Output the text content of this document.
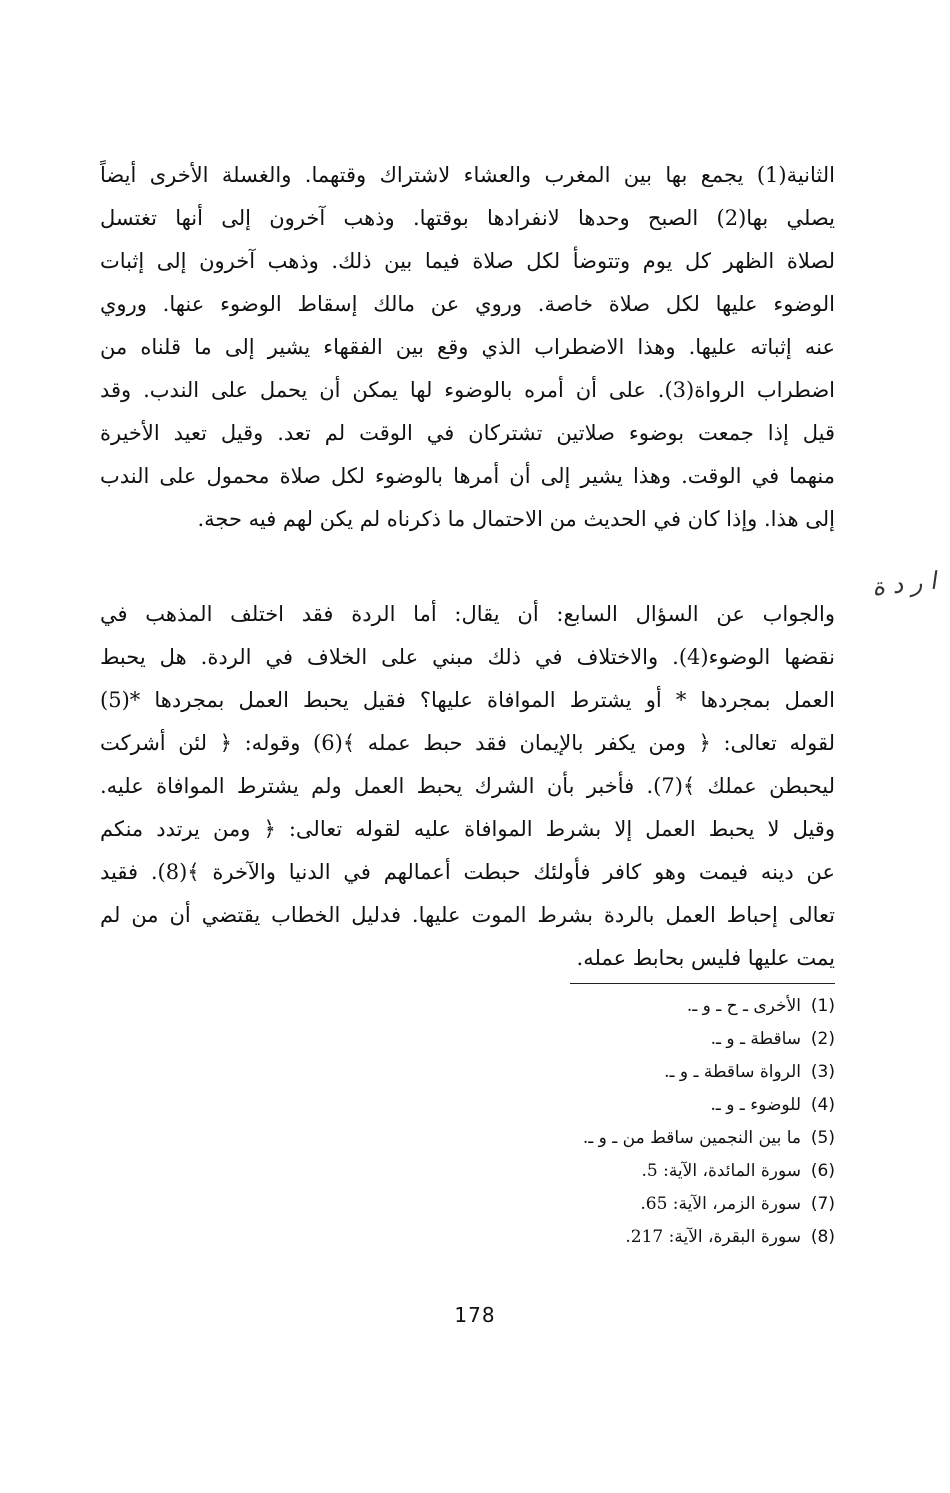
الثانية(1) يجمع بها بين المغرب والعشاء لاشتراك وقتهما. والغسلة الأخرى أيضاً
يصلي بها(2) الصبح وحدها لانفرادها بوقتها. وذهب آخرون إلى أنها تغتسل
لصلاة الظهر كل يوم وتتوضأ لكل صلاة فيما بين ذلك. وذهب آخرون إلى إثبات
الوضوء عليها لكل صلاة خاصة. وروي عن مالك إسقاط الوضوء عنها. وروي
عنه إثباته عليها. وهذا الاضطراب الذي وقع بين الفقهاء يشير إلى ما قلناه من
اضطراب الرواة(3). على أن أمره بالوضوء لها يمكن أن يحمل على الندب. وقد
قيل إذا جمعت بوضوء صلاتين تشتركان في الوقت لم تعد. وقيل تعيد الأخيرة
منهما في الوقت. وهذا يشير إلى أن أمرها بالوضوء لكل صلاة محمول على الندب
إلى هذا. وإذا كان في الحديث من الاحتمال ما ذكرناه لم يكن لهم فيه حجة.
ا ر د ة
والجواب عن السؤال السابع: أن يقال: أما الردة فقد اختلف المذهب في
نقضها الوضوء(4). والاختلاف في ذلك مبني على الخلاف في الردة. هل يحبط
العمل بمجردها * أو يشترط الموافاة عليها؟ فقيل يحبط العمل بمجردها *(5)
لقوله تعالى: ﴿ ومن يكفر بالإيمان فقد حبط عمله ﴾(6) وقوله: ﴿ لئن أشركت
ليحبطن عملك ﴾(7). فأخبر بأن الشرك يحبط العمل ولم يشترط الموافاة عليه.
وقيل لا يحبط العمل إلا بشرط الموافاة عليه لقوله تعالى: ﴿ ومن يرتدد منكم
عن دينه فيمت وهو كافر فأولئك حبطت أعمالهم في الدنيا والآخرة ﴾(8). فقيد
تعالى إحباط العمل بالردة بشرط الموت عليها. فدليل الخطاب يقتضي أن من لم
يمت عليها فليس بحابط عمله.
(1)الأخرى ـ ح ـ و ـ.
(2)ساقطة ـ و ـ.
(3)الرواة ساقطة ـ و ـ.
(4)للوضوء ـ و ـ.
(5)ما بين النجمين ساقط من ـ و ـ.
(6)سورة المائدة، الآية: 5.
(7)سورة الزمر، الآية: 65.
(8)سورة البقرة، الآية: 217.
178
